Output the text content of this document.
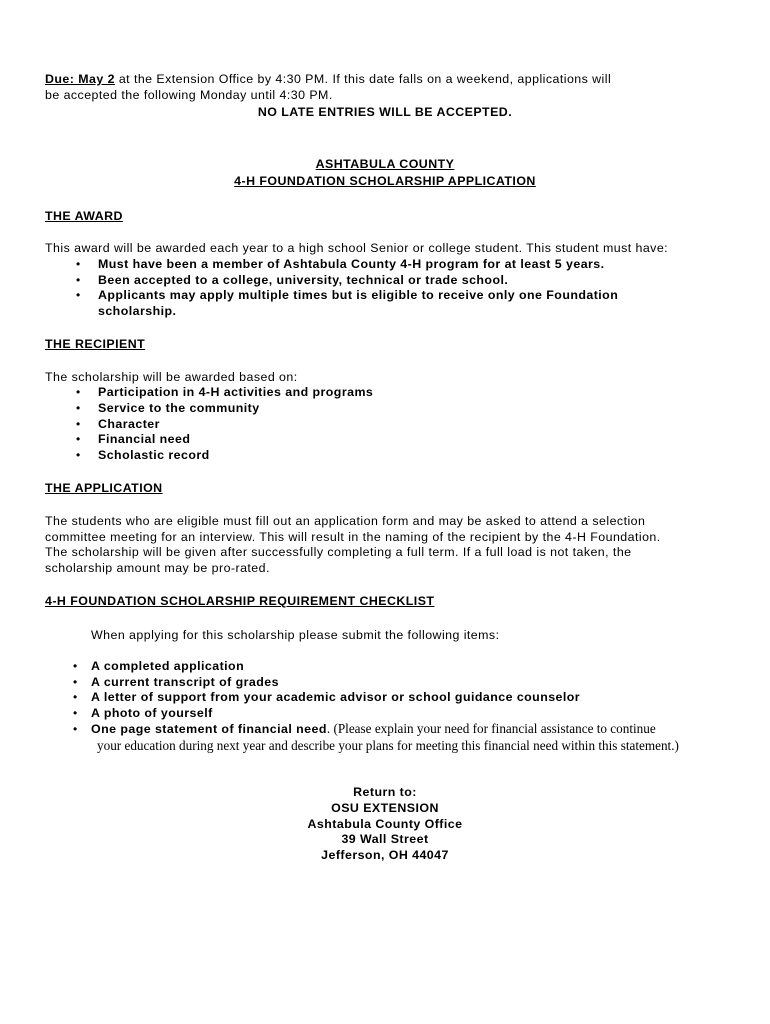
Due: May 2 at the Extension Office by 4:30 PM. If this date falls on a weekend, applications will
be accepted the following Monday until 4:30 PM.
NO LATE ENTRIES WILL BE ACCEPTED.
ASHTABULA COUNTY
4-H FOUNDATION SCHOLARSHIP APPLICATION
THE AWARD
This award will be awarded each year to a high school Senior or college student. This student must have:
• Must have been a member of Ashtabula County 4-H program for at least 5 years.
• Been accepted to a college, university, technical or trade school.
• Applicants may apply multiple times but is eligible to receive only one Foundation
scholarship.
THE RECIPIENT
The scholarship will be awarded based on:
• Participation in 4-H activities and programs
• Service to the community
• Character
• Financial need
• Scholastic record
THE APPLICATION
The students who are eligible must fill out an application form and may be asked to attend a selection
committee meeting for an interview. This will result in the naming of the recipient by the 4-H Foundation.
The scholarship will be given after successfully completing a full term. If a full load is not taken, the
scholarship amount may be pro-rated.
4-H FOUNDATION SCHOLARSHIP REQUIREMENT CHECKLIST
When applying for this scholarship please submit the following items:
• A completed application
• A current transcript of grades
• A letter of support from your academic advisor or school guidance counselor
• A photo of yourself
• One page statement of financial need. (Please explain your need for financial assistance to continue
your education during next year and describe your plans for meeting this financial need within this statement.)
Return to:
OSU EXTENSION
Ashtabula County Office
39 Wall Street
Jefferson, OH 44047
